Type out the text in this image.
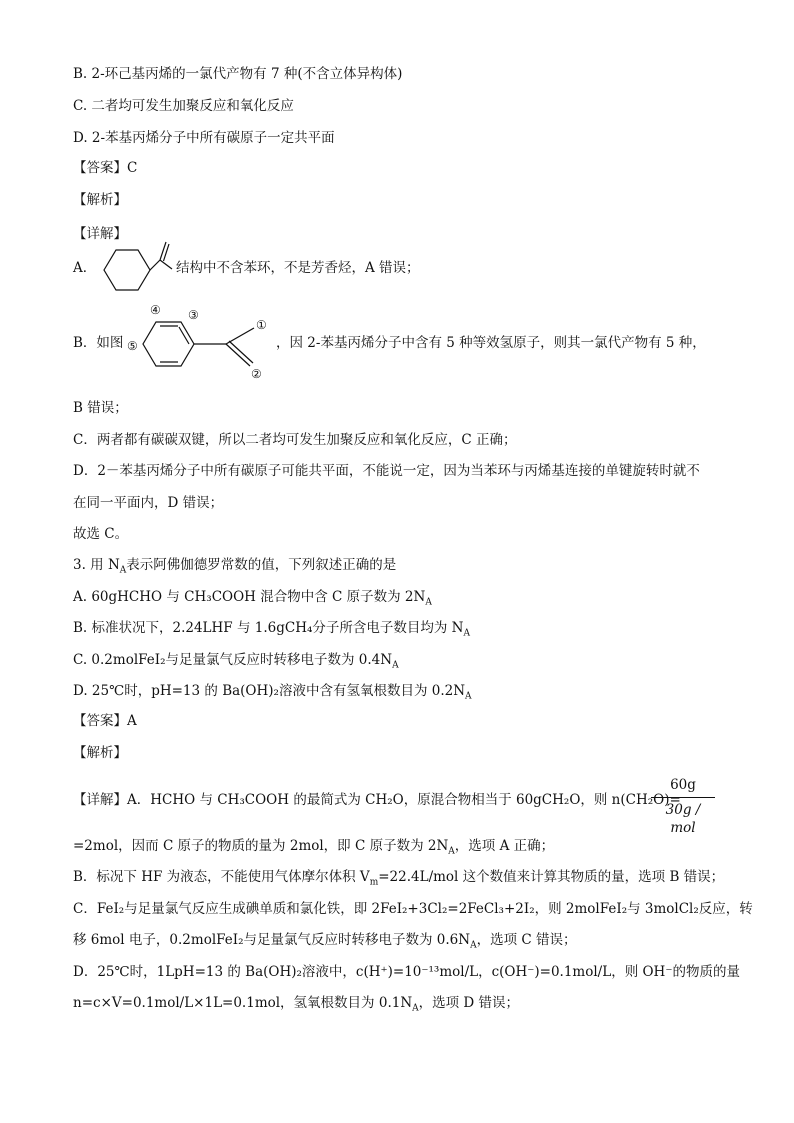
B. 2-环己基丙烯的一氯代产物有 7 种(不含立体异构体)
C. 二者均可发生加聚反应和氧化反应
D. 2-苯基丙烯分子中所有碳原子一定共平面
【答案】C
【解析】
【详解】
A．	结构中不含苯环，不是芳香烃，A 错误；
B．如图
①
②
③
④
⑤	，因 2-苯基丙烯分子中含有 5 种等效氢原子，则其一氯代产物有 5 种，
B 错误；
C．两者都有碳碳双键，所以二者均可发生加聚反应和氧化反应，C 正确；
D．2－苯基丙烯分子中所有碳原子可能共平面，不能说一定，因为当苯环与丙烯基连接的单键旋转时就不
在同一平面内，D 错误；
故选 C。
3. 用 $N_A$表示阿佛伽德罗常数的值，下列叙述正确的是
A. 60gHCHO 与 CH₃COOH 混合物中含 C 原子数为 $2N_A$
B. 标准状况下，2.24LHF 与 1.6gCH₄分子所含电子数目均为 $N_A$
C. 0.2molFeI₂与足量氯气反应时转移电子数为 $0.4N_A$
D. 25℃时，pH=13 的 Ba(OH)₂溶液中含有氢氧根数目为 $0.2N_A$
【答案】A
【解析】
【详解】A．HCHO 与 CH₃COOH 的最简式为 CH₂O，原混合物相当于 60gCH₂O，则 n(CH₂O)=
60g
30g / mol
=2mol，因而 C 原子的物质的量为 2mol，即 C 原子数为 $2N_A$，选项 A 正确；
B．标况下 HF 为液态，不能使用气体摩尔体积 $V_m=22.4L$/mol 这个数值来计算其物质的量，选项 B 错误；
C．FeI₂与足量氯气反应生成碘单质和氯化铁，即 2FeI₂+3Cl₂=2FeCl₃+2I₂，则 2molFeI₂与 3molCl₂反应，转
移 6mol 电子，0.2molFeI₂与足量氯气反应时转移电子数为 $0.6N_A$，选项 C 错误；
D．25℃时，1LpH=13 的 Ba(OH)₂溶液中，c(H⁺)=10⁻¹³mol/L，c(OH⁻)=0.1mol/L，则 OH⁻的物质的量
n=c×V=0.1mol/L×1L=0.1mol，氢氧根数目为 $0.1N_A$，选项 D 错误；
